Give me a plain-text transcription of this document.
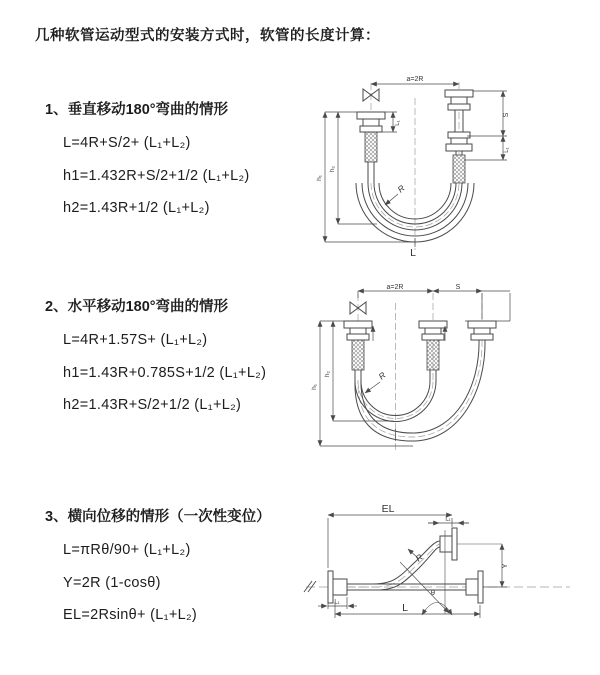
几种软管运动型式的安装方式时，软管的长度计算：
1、垂直移动180°弯曲的情形
L=4R+S/2+ (L₁+L₂)
h1=1.432R+S/2+1/2 (L₁+L₂)
h2=1.43R+1/2 (L₁+L₂)
2、水平移动180°弯曲的情形
L=4R+1.57S+ (L₁+L₂)
h1=1.43R+0.785S+1/2 (L₁+L₂)
h2=1.43R+S/2+1/2 (L₁+L₂)
3、横向位移的情形（一次性变位）
L=πRθ/90+ (L₁+L₂)
Y=2R (1-cosθ)
EL=2Rsinθ+ (L₁+L₂)
a=2R
S
L₁
L₁
h₁
h₂
R
L
a=2R	S
h₁
h₂	R
EL
L₁
Y
R
θ
L
L₁
